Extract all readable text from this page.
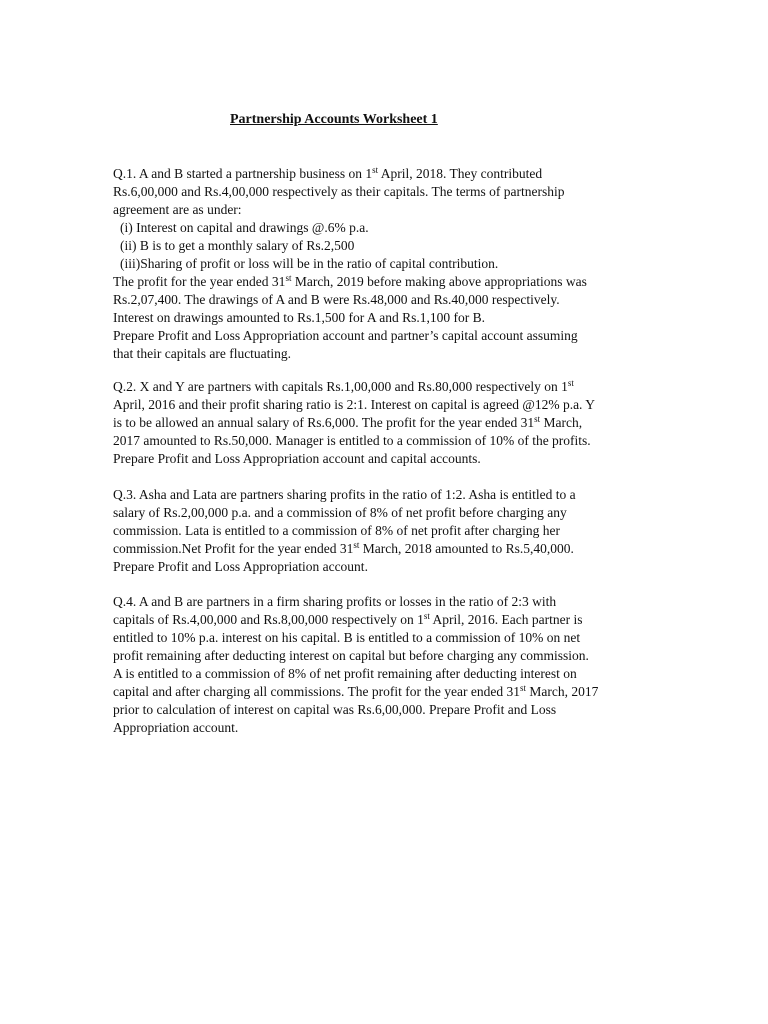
Partnership Accounts Worksheet 1
Q.1. A and B started a partnership business on 1st April, 2018. They contributed
Rs.6,00,000 and Rs.4,00,000 respectively as their capitals. The terms of partnership
agreement are as under:
(i) Interest on capital and drawings @.6% p.a.
(ii) B is to get a monthly salary of Rs.2,500
(iii)Sharing of profit or loss will be in the ratio of capital contribution.
The profit for the year ended 31st March, 2019 before making above appropriations was
Rs.2,07,400. The drawings of A and B were Rs.48,000 and Rs.40,000 respectively.
Interest on drawings amounted to Rs.1,500 for A and Rs.1,100 for B.
Prepare Profit and Loss Appropriation account and partner’s capital account assuming
that their capitals are fluctuating.
Q.2. X and Y are partners with capitals Rs.1,00,000 and Rs.80,000 respectively on 1st
April, 2016 and their profit sharing ratio is 2:1. Interest on capital is agreed @12% p.a. Y
is to be allowed an annual salary of Rs.6,000. The profit for the year ended 31st March,
2017 amounted to Rs.50,000. Manager is entitled to a commission of 10% of the profits.
Prepare Profit and Loss Appropriation account and capital accounts.
Q.3. Asha and Lata are partners sharing profits in the ratio of 1:2. Asha is entitled to a
salary of Rs.2,00,000 p.a. and a commission of 8% of net profit before charging any
commission. Lata is entitled to a commission of 8% of net profit after charging her
commission.Net Profit for the year ended 31st March, 2018 amounted to Rs.5,40,000.
Prepare Profit and Loss Appropriation account.
Q.4. A and B are partners in a firm sharing profits or losses in the ratio of 2:3 with
capitals of Rs.4,00,000 and Rs.8,00,000 respectively on 1st April, 2016. Each partner is
entitled to 10% p.a. interest on his capital. B is entitled to a commission of 10% on net
profit remaining after deducting interest on capital but before charging any commission.
A is entitled to a commission of 8% of net profit remaining after deducting interest on
capital and after charging all commissions. The profit for the year ended 31st March, 2017
prior to calculation of interest on capital was Rs.6,00,000. Prepare Profit and Loss
Appropriation account.
